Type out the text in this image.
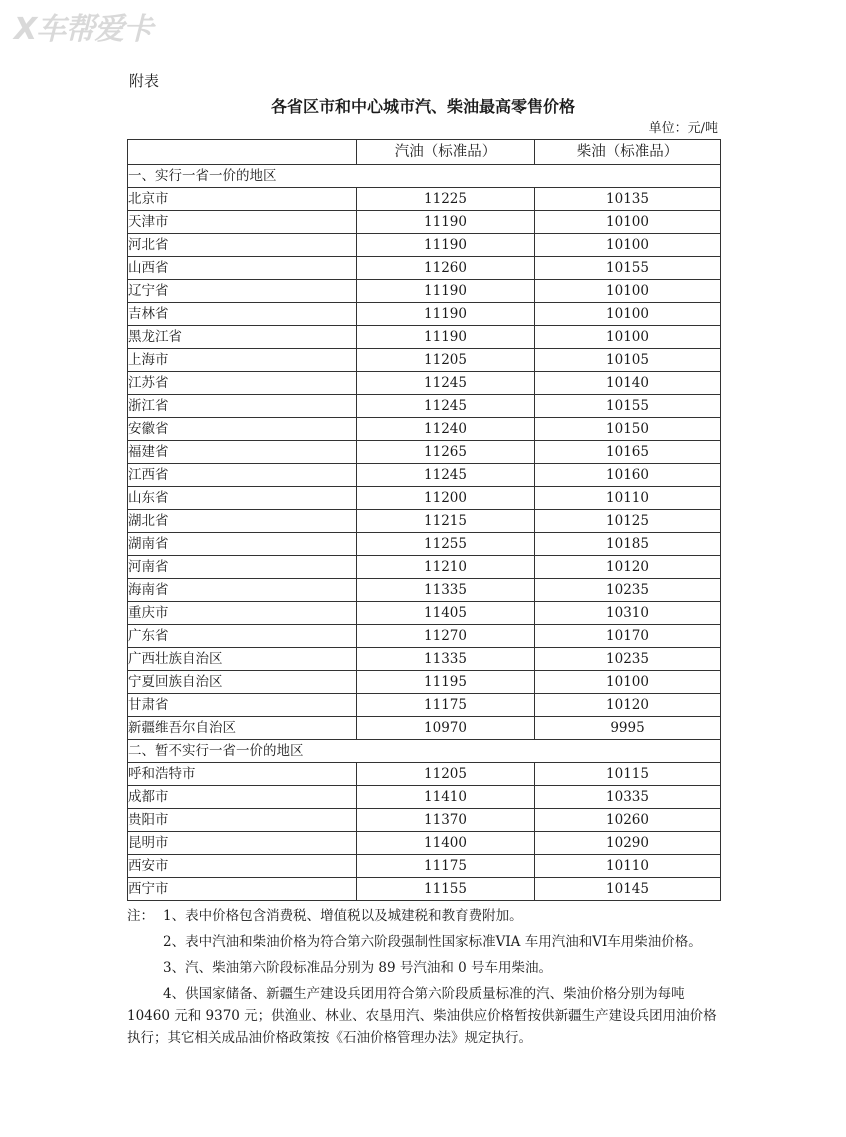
X车帮爱卡
附表
各省区市和中心城市汽、柴油最高零售价格
单位：元/吨
	汽油（标准品）	柴油（标准品）
一、实行一省一价的地区		
北京市	11225	10135
天津市	11190	10100
河北省	11190	10100
山西省	11260	10155
辽宁省	11190	10100
吉林省	11190	10100
黑龙江省	11190	10100
上海市	11205	10105
江苏省	11245	10140
浙江省	11245	10155
安徽省	11240	10150
福建省	11265	10165
江西省	11245	10160
山东省	11200	10110
湖北省	11215	10125
湖南省	11255	10185
河南省	11210	10120
海南省	11335	10235
重庆市	11405	10310
广东省	11270	10170
广西壮族自治区	11335	10235
宁夏回族自治区	11195	10100
甘肃省	11175	10120
新疆维吾尔自治区	10970	9995
二、暂不实行一省一价的地区		
呼和浩特市	11205	10115
成都市	11410	10335
贵阳市	11370	10260
昆明市	11400	10290
西安市	11175	10110
西宁市	11155	10145

注： 1、表中价格包含消费税、增值税以及城建税和教育费附加。

2、表中汽油和柴油价格为符合第六阶段强制性国家标准VIA 车用汽油和VI车用柴油价格。

3、汽、柴油第六阶段标准品分别为 89 号汽油和 0 号车用柴油。

4、供国家储备、新疆生产建设兵团用符合第六阶段质量标准的汽、柴油价格分别为每吨 10460 元和 9370 元；供渔业、林业、农垦用汽、柴油供应价格暂按供新疆生产建设兵团用油价格执行；其它相关成品油价格政策按《石油价格管理办法》规定执行。
